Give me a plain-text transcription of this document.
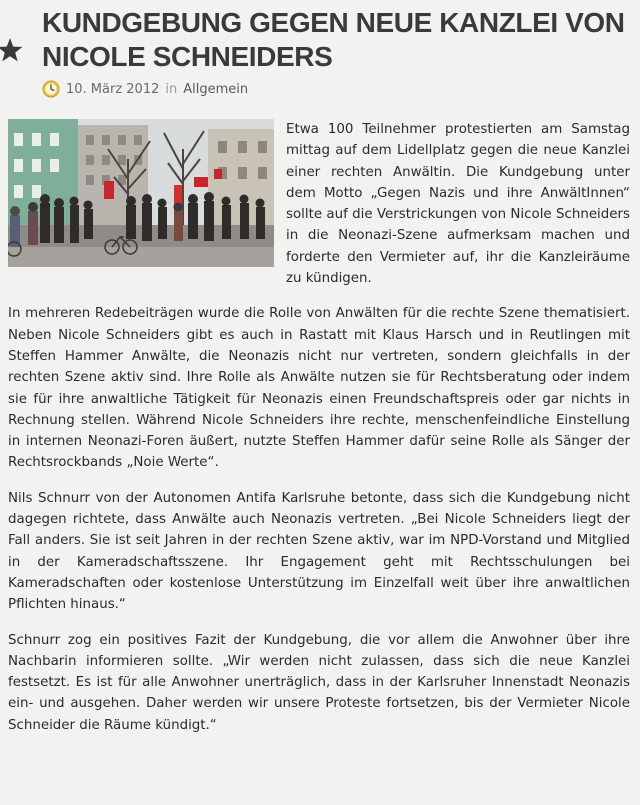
KUNDGEBUNG GEGEN NEUE KANZLEI VON NICOLE SCHNEIDERS
10. März 2012 in Allgemein

Etwa 100 Teilnehmer protestierten am Samstag mittag auf dem Lidellplatz gegen die neue Kanzlei einer rechten Anwältin. Die Kundgebung unter dem Motto „Gegen Nazis und ihre AnwältInnen“ sollte auf die Verstrickungen von Nicole Schneiders in die Neonazi-Szene aufmerksam machen und forderte den Vermieter auf, ihr die Kanzleiräume zu kündigen.

In mehreren Redebeiträgen wurde die Rolle von Anwälten für die rechte Szene thematisiert. Neben Nicole Schneiders gibt es auch in Rastatt mit Klaus Harsch und in Reutlingen mit Steffen Hammer Anwälte, die Neonazis nicht nur vertreten, sondern gleichfalls in der rechten Szene aktiv sind. Ihre Rolle als Anwälte nutzen sie für Rechtsberatung oder indem sie für ihre anwaltliche Tätigkeit für Neonazis einen Freundschaftspreis oder gar nichts in Rechnung stellen. Während Nicole Schneiders ihre rechte, menschenfeindliche Einstellung in internen Neonazi-Foren äußert, nutzte Steffen Hammer dafür seine Rolle als Sänger der Rechtsrockbands „Noie Werte“.

Nils Schnurr von der Autonomen Antifa Karlsruhe betonte, dass sich die Kundgebung nicht dagegen richtete, dass Anwälte auch Neonazis vertreten. „Bei Nicole Schneiders liegt der Fall anders. Sie ist seit Jahren in der rechten Szene aktiv, war im NPD-Vorstand und Mitglied in der Kameradschaftsszene. Ihr Engagement geht mit Rechtsschulungen bei Kameradschaften oder kostenlose Unterstützung im Einzelfall weit über ihre anwaltlichen Pflichten hinaus.“

Schnurr zog ein positives Fazit der Kundgebung, die vor allem die Anwohner über ihre Nachbarin informieren sollte. „Wir werden nicht zulassen, dass sich die neue Kanzlei festsetzt. Es ist für alle Anwohner unerträglich, dass in der Karlsruher Innenstadt Neonazis ein- und ausgehen. Daher werden wir unsere Proteste fortsetzen, bis der Vermieter Nicole Schneider die Räume kündigt.“
